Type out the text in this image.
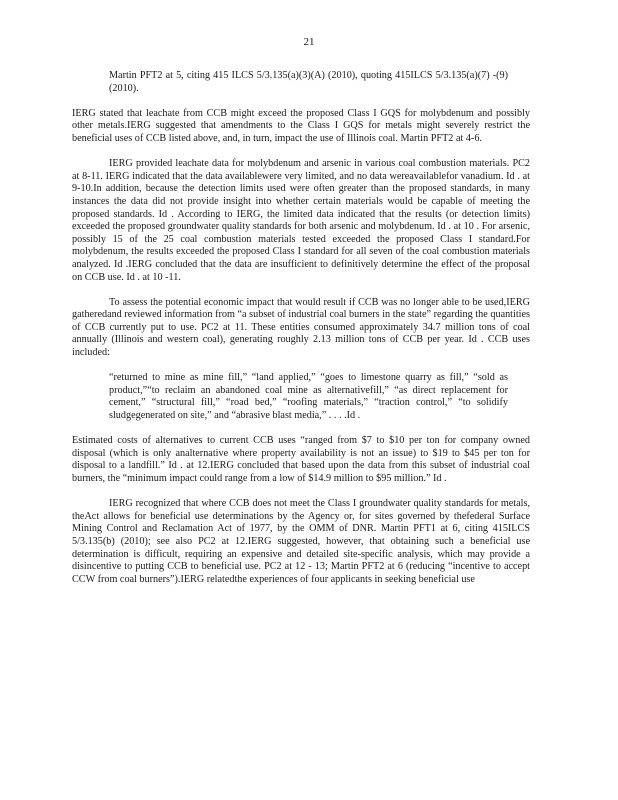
21

Martin PFT2 at 5, citing 415 ILCS 5/3.135(a)(3)(A) (2010), quoting 415ILCS 5/3.135(a)(7) -(9) (2010).

IERG stated that leachate from CCB might exceed the proposed Class I GQS for molybdenum and possibly other metals.IERG suggested that amendments to the Class I GQS for metals might severely restrict the beneficial uses of CCB listed above, and, in turn, impact the use of Illinois coal. Martin PFT2 at 4-6.

IERG provided leachate data for molybdenum and arsenic in various coal combustion materials. PC2 at 8-11. IERG indicated that the data availablewere very limited, and no data wereavailablefor vanadium. Id . at 9-10.In addition, because the detection limits used were often greater than the proposed standards, in many instances the data did not provide insight into whether certain materials would be capable of meeting the proposed standards. Id . According to IERG, the limited data indicated that the results (or detection limits) exceeded the proposed groundwater quality standards for both arsenic and molybdenum. Id . at 10 . For arsenic, possibly 15 of the 25 coal combustion materials tested exceeded the proposed Class I standard.For molybdenum, the results exceeded the proposed Class I standard for all seven of the coal combustion materials analyzed. Id .IERG concluded that the data are insufficient to definitively determine the effect of the proposal on CCB use. Id . at 10 -11.

To assess the potential economic impact that would result if CCB was no longer able to be used,IERG gatheredand reviewed information from “a subset of industrial coal burners in the state” regarding the quantities of CCB currently put to use. PC2 at 11. These entities consumed approximately 34.7 million tons of coal annually (Illinois and western coal), generating roughly 2.13 million tons of CCB per year. Id . CCB uses included:

“returned to mine as mine fill,” “land applied,” “goes to limestone quarry as fill,” “sold as product,”“to reclaim an abandoned coal mine as alternativefill,” “as direct replacement for cement,” “structural fill,” “road bed,” “roofing materials,” “traction control,” “to solidify sludgegenerated on site,” and “abrasive blast media,” . . . .Id .

Estimated costs of alternatives to current CCB uses “ranged from $7 to $10 per ton for company owned disposal (which is only analternative where property availability is not an issue) to $19 to $45 per ton for disposal to a landfill.” Id . at 12.IERG concluded that based upon the data from this subset of industrial coal burners, the “minimum impact could range from a low of $14.9 million to $95 million.” Id .

IERG recognized that where CCB does not meet the Class I groundwater quality standards for metals, theAct allows for beneficial use determinations by the Agency or, for sites governed by thefederal Surface Mining Control and Reclamation Act of 1977, by the OMM of DNR. Martin PFT1 at 6, citing 415ILCS 5/3.135(b) (2010); see also PC2 at 12.IERG suggested, however, that obtaining such a beneficial use determination is difficult, requiring an expensive and detailed site-specific analysis, which may provide a disincentive to putting CCB to beneficial use. PC2 at 12 - 13; Martin PFT2 at 6 (reducing “incentive to accept CCW from coal burners”).IERG relatedthe experiences of four applicants in seeking beneficial use
